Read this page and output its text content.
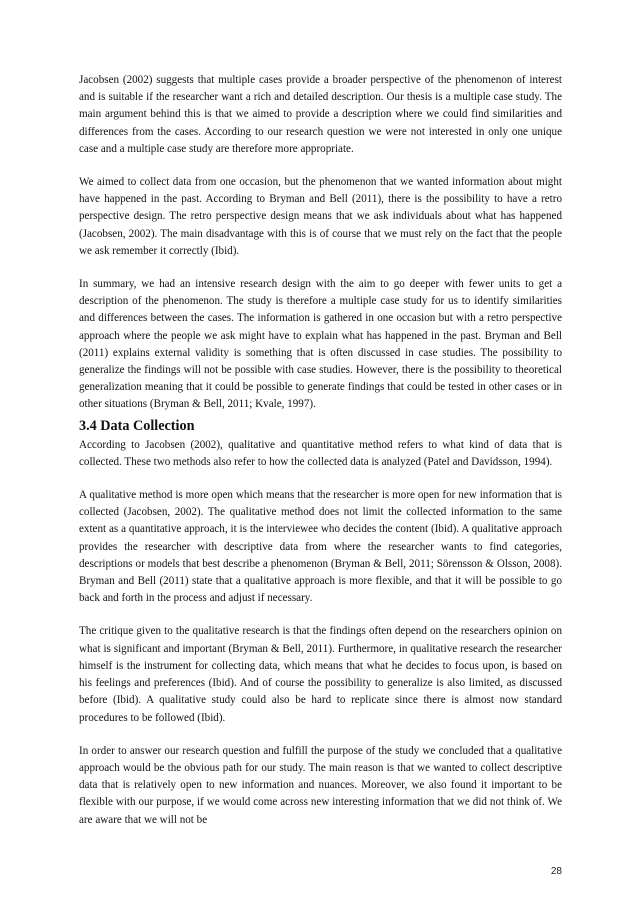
Jacobsen (2002) suggests that multiple cases provide a broader perspective of the phenomenon of interest and is suitable if the researcher want a rich and detailed description. Our thesis is a multiple case study. The main argument behind this is that we aimed to provide a description where we could find similarities and differences from the cases. According to our research question we were not interested in only one unique case and a multiple case study are therefore more appropriate.

We aimed to collect data from one occasion, but the phenomenon that we wanted information about might have happened in the past. According to Bryman and Bell (2011), there is the possibility to have a retro perspective design. The retro perspective design means that we ask individuals about what has happened (Jacobsen, 2002). The main disadvantage with this is of course that we must rely on the fact that the people we ask remember it correctly (Ibid).

In summary, we had an intensive research design with the aim to go deeper with fewer units to get a description of the phenomenon. The study is therefore a multiple case study for us to identify similarities and differences between the cases. The information is gathered in one occasion but with a retro perspective approach where the people we ask might have to explain what has happened in the past. Bryman and Bell (2011) explains external validity is something that is often discussed in case studies. The possibility to generalize the findings will not be possible with case studies. However, there is the possibility to theoretical generalization meaning that it could be possible to generate findings that could be tested in other cases or in other situations (Bryman & Bell, 2011; Kvale, 1997).

3.4 Data Collection

According to Jacobsen (2002), qualitative and quantitative method refers to what kind of data that is collected. These two methods also refer to how the collected data is analyzed (Patel and Davidsson, 1994).

A qualitative method is more open which means that the researcher is more open for new information that is collected (Jacobsen, 2002). The qualitative method does not limit the collected information to the same extent as a quantitative approach, it is the interviewee who decides the content (Ibid). A qualitative approach provides the researcher with descriptive data from where the researcher wants to find categories, descriptions or models that best describe a phenomenon (Bryman & Bell, 2011; Sörensson & Olsson, 2008). Bryman and Bell (2011) state that a qualitative approach is more flexible, and that it will be possible to go back and forth in the process and adjust if necessary.

The critique given to the qualitative research is that the findings often depend on the researchers opinion on what is significant and important (Bryman & Bell, 2011). Furthermore, in qualitative research the researcher himself is the instrument for collecting data, which means that what he decides to focus upon, is based on his feelings and preferences (Ibid). And of course the possibility to generalize is also limited, as discussed before (Ibid). A qualitative study could also be hard to replicate since there is almost now standard procedures to be followed (Ibid).

In order to answer our research question and fulfill the purpose of the study we concluded that a qualitative approach would be the obvious path for our study. The main reason is that we wanted to collect descriptive data that is relatively open to new information and nuances. Moreover, we also found it important to be flexible with our purpose, if we would come across new interesting information that we did not think of. We are aware that we will not be

28
